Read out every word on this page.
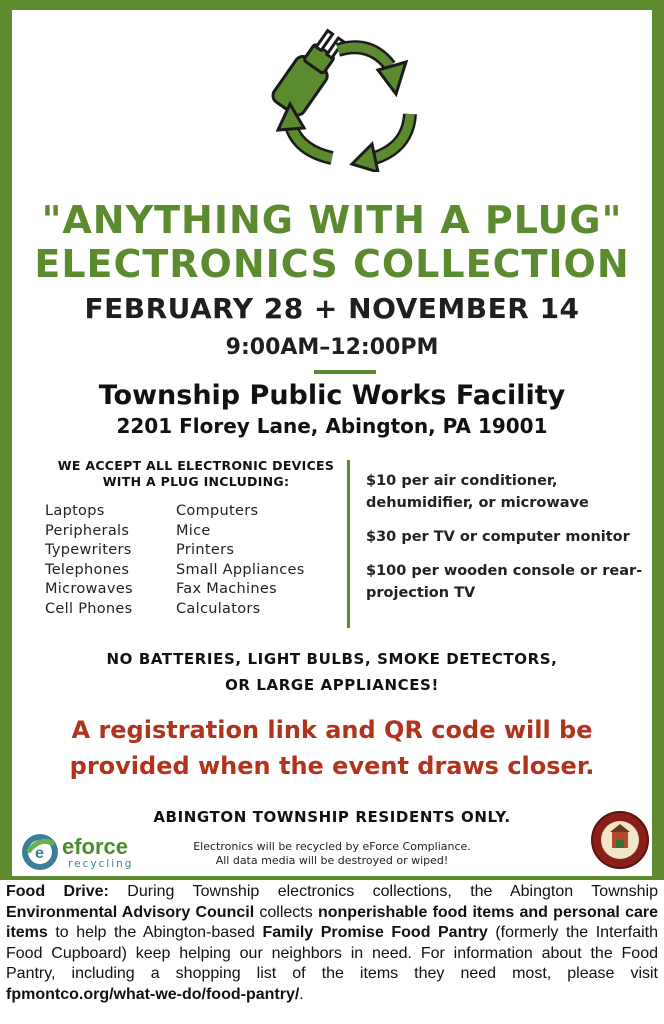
"ANYTHING WITH A PLUG"
ELECTRONICS COLLECTION
FEBRUARY 28 + NOVEMBER 14
9:00AM–12:00PM
Township Public Works Facility
2201 Florey Lane, Abington, PA 19001
WE ACCEPT ALL ELECTRONIC DEVICES WITH A PLUG INCLUDING:
Laptops
Peripherals
Typewriters
Telephones
Microwaves
Cell Phones
Computers
Mice
Printers
Small Appliances
Fax Machines
Calculators
$10 per air conditioner, dehumidifier, or microwave
$30 per TV or computer monitor
$100 per wooden console or rear-projection TV
NO BATTERIES, LIGHT BULBS, SMOKE DETECTORS,
OR LARGE APPLIANCES!
A registration link and QR code will be
provided when the event draws closer.
ABINGTON TOWNSHIP RESIDENTS ONLY.
e eforce
recycling
Electronics will be recycled by eForce Compliance.
All data media will be destroyed or wiped!
Food Drive: During Township electronics collections, the Abington Township Environmental Advisory Council collects nonperishable food items and personal care items to help the Abington-based Family Promise Food Pantry (formerly the Interfaith Food Cupboard) keep helping our neighbors in need. For information about the Food Pantry, including a shopping list of the items they need most, please visit fpmontco.org/what-we-do/food-pantry/.
